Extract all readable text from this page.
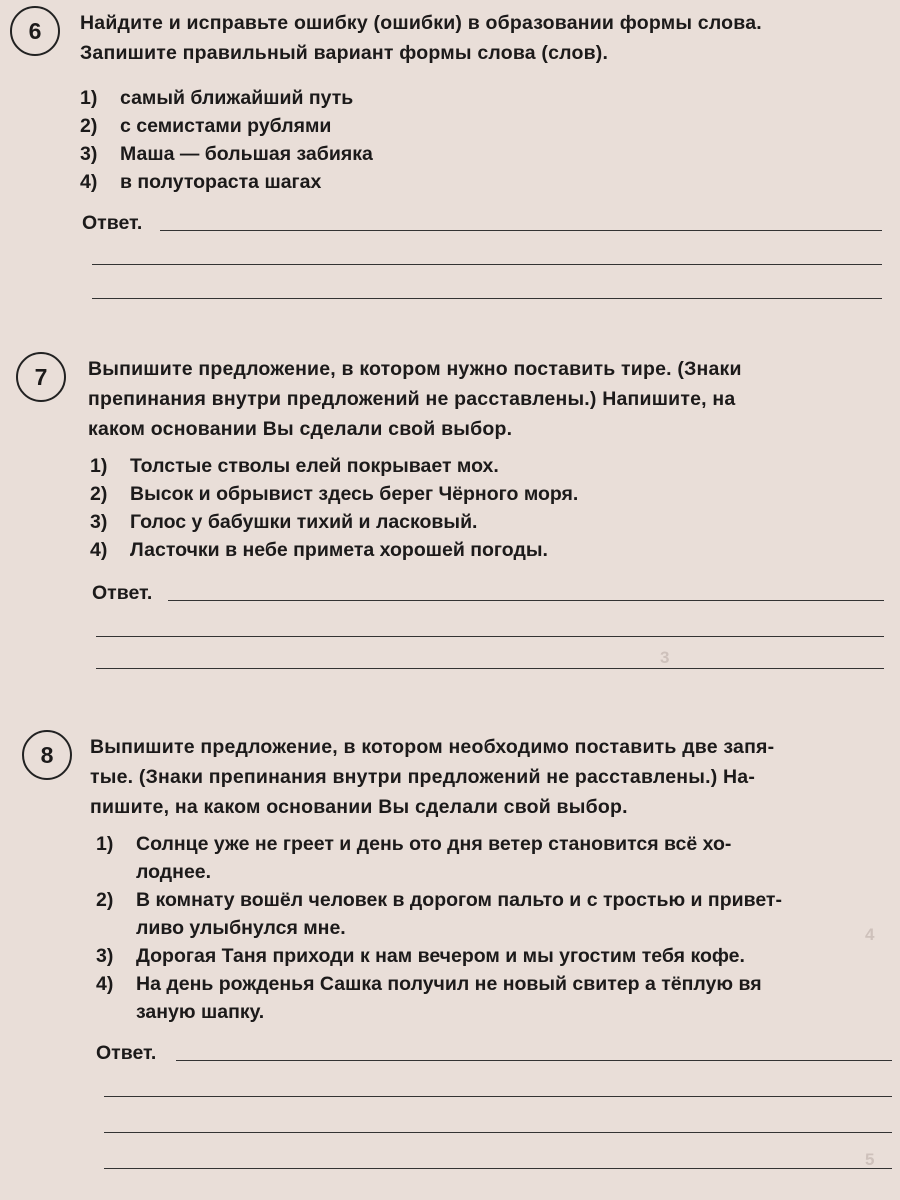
3
4
5
6	Найдите и исправьте ошибку (ошибки) в образовании формы слова.
Запишите правильный вариант формы слова (слов).
1) самый ближайший путь
2) с семистами рублями
3) Маша — большая забияка
4) в полутораста шагах
Ответ.
7	Выпишите предложение, в котором нужно поставить тире. (Знаки
препинания внутри предложений не расставлены.) Напишите, на
каком основании Вы сделали свой выбор.
1) Толстые стволы елей покрывает мох.
2) Высок и обрывист здесь берег Чёрного моря.
3) Голос у бабушки тихий и ласковый.
4) Ласточки в небе примета хорошей погоды.
Ответ.
8	Выпишите предложение, в котором необходимо поставить две запя-
тые. (Знаки препинания внутри предложений не расставлены.) На-
пишите, на каком основании Вы сделали свой выбор.
1) Солнце уже не греет и день ото дня ветер становится всё хо-
лоднее.
2) В комнату вошёл человек в дорогом пальто и с тростью и привет-
ливо улыбнулся мне.
3) Дорогая Таня приходи к нам вечером и мы угостим тебя кофе.
4) На день рожденья Сашка получил не новый свитер а тёплую вя
заную шапку.
Ответ.
